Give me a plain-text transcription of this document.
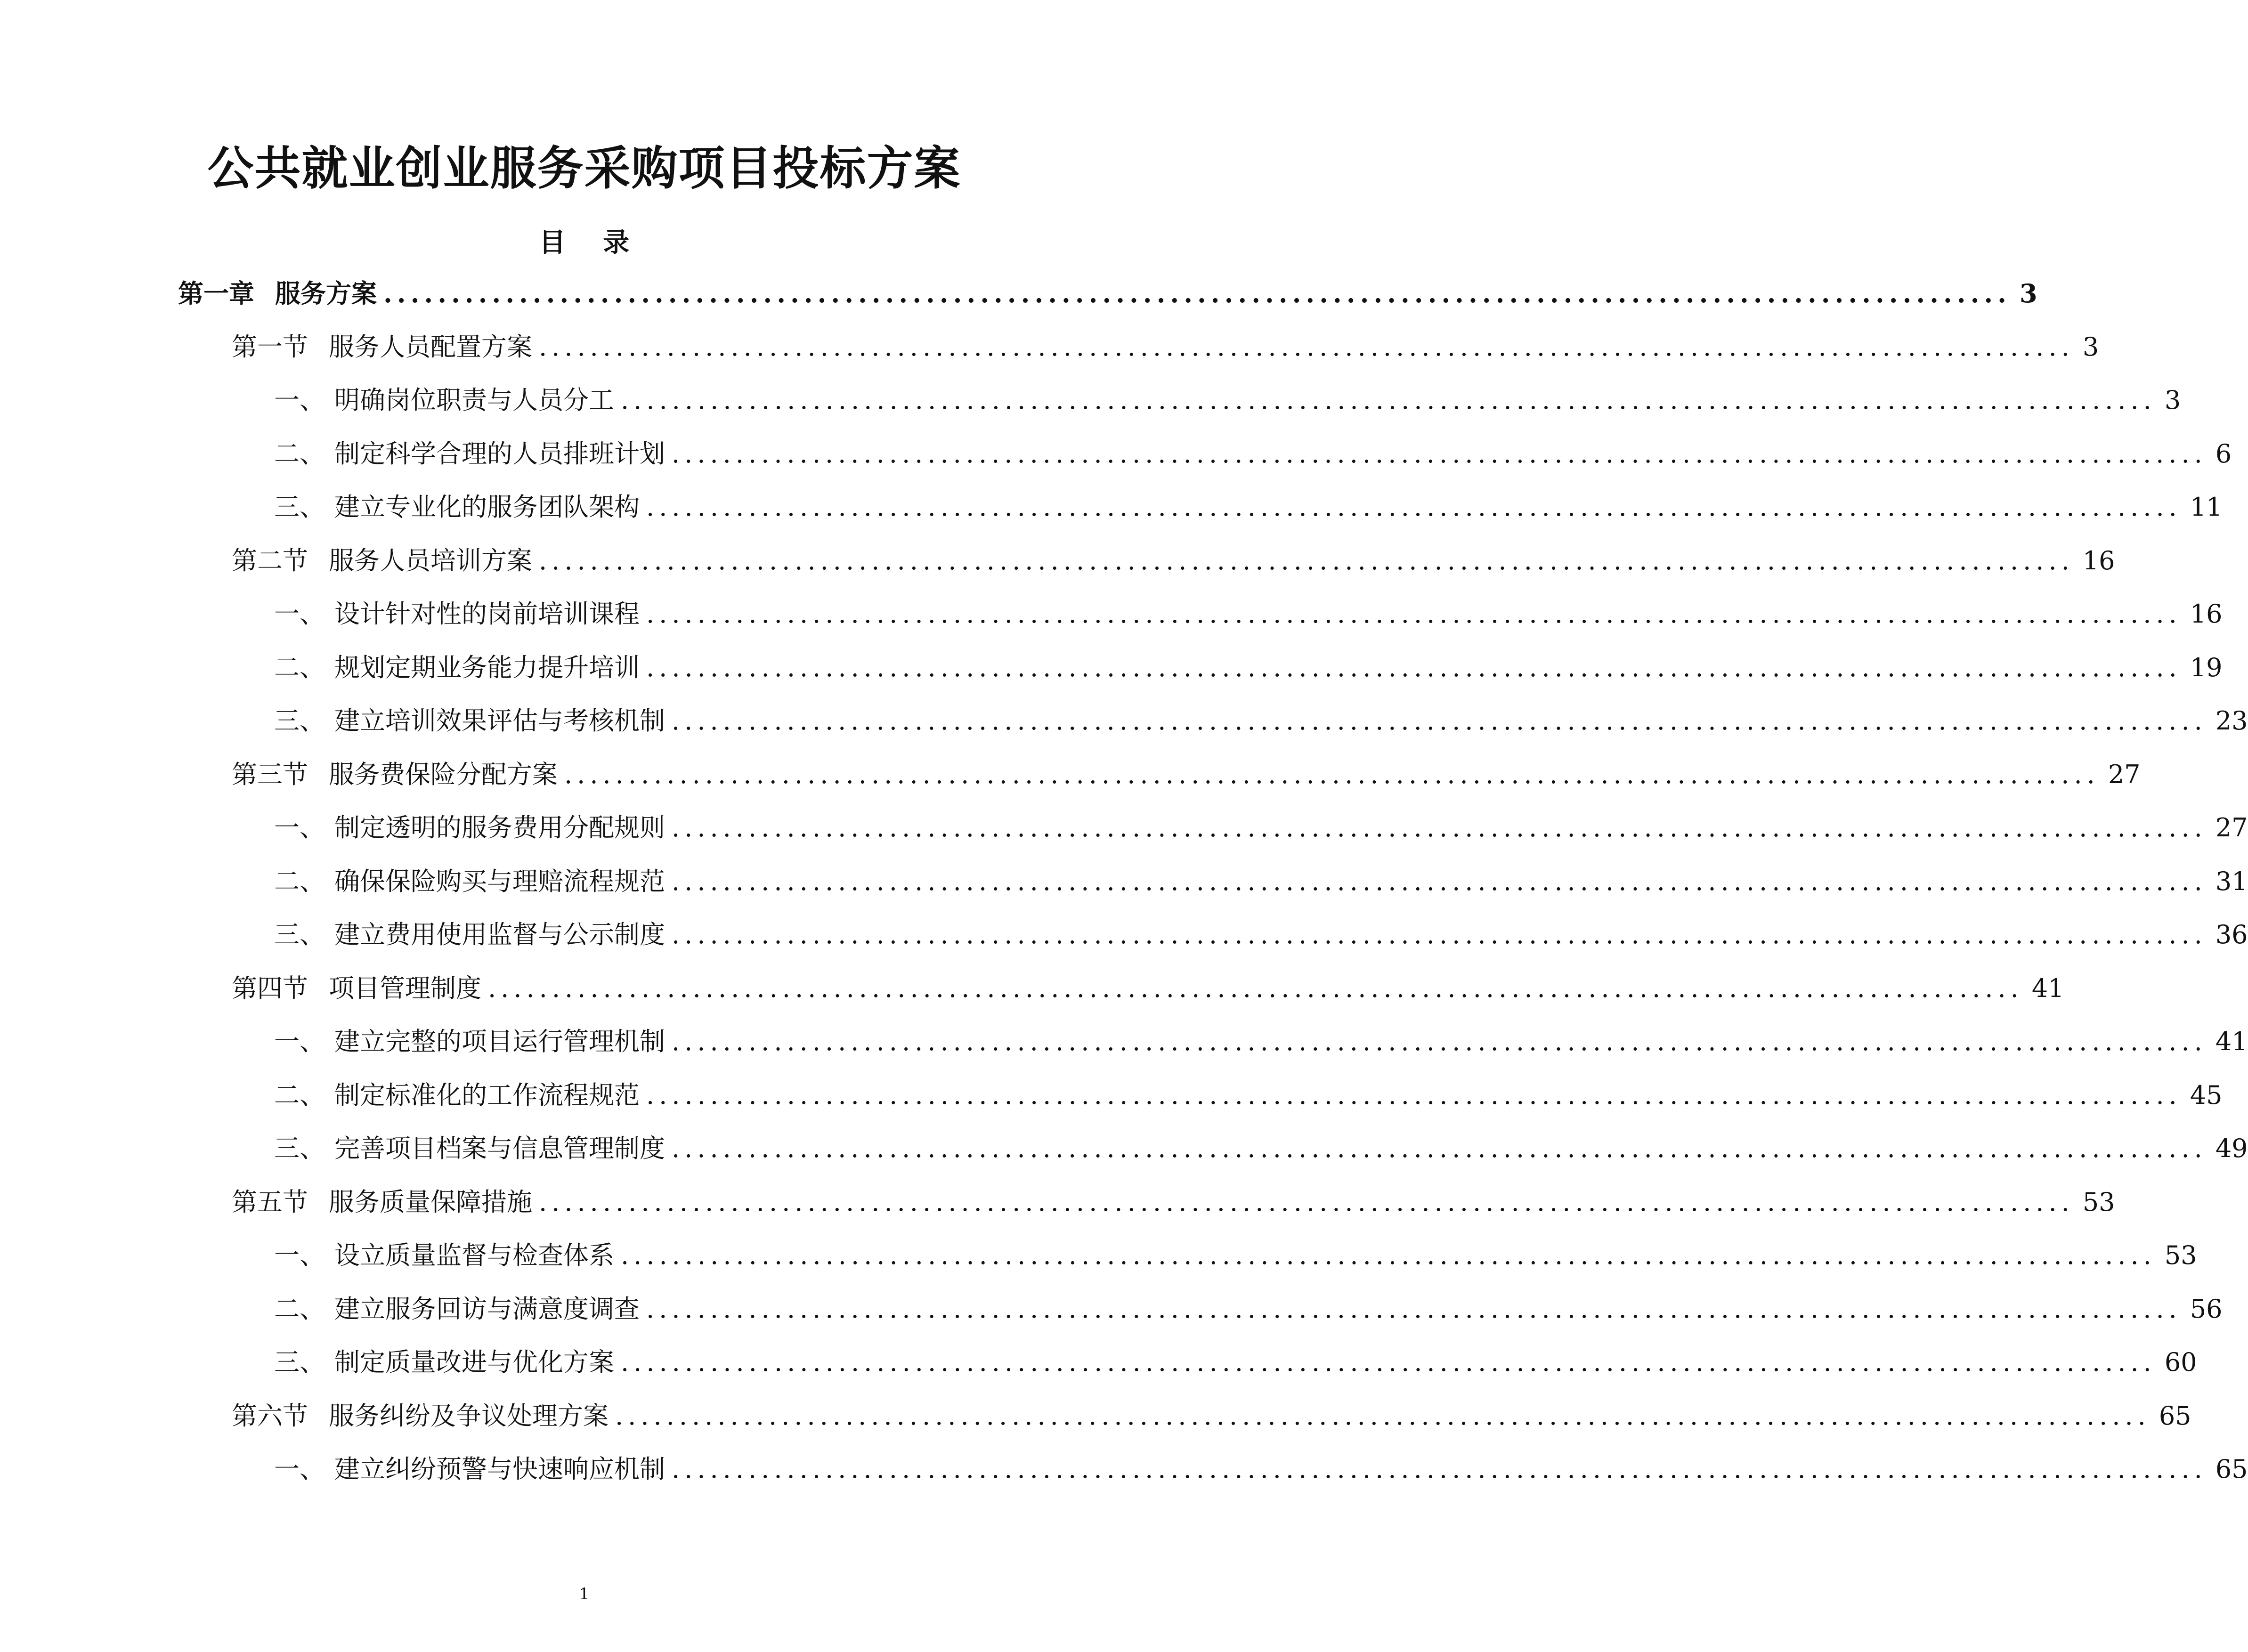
公共就业创业服务采购项目投标方案
目 录
第一章 服务方案 ........................................................................................................................ 3
第一节 服务人员配置方案 ........................................................................................................................ 3
一、 明确岗位职责与人员分工 ........................................................................................................................ 3
二、 制定科学合理的人员排班计划 ........................................................................................................................ 6
三、 建立专业化的服务团队架构 ........................................................................................................................ 11
第二节 服务人员培训方案 ........................................................................................................................ 16
一、 设计针对性的岗前培训课程 ........................................................................................................................ 16
二、 规划定期业务能力提升培训 ........................................................................................................................ 19
三、 建立培训效果评估与考核机制 ........................................................................................................................ 23
第三节 服务费保险分配方案 ........................................................................................................................ 27
一、 制定透明的服务费用分配规则 ........................................................................................................................ 27
二、 确保保险购买与理赔流程规范 ........................................................................................................................ 31
三、 建立费用使用监督与公示制度 ........................................................................................................................ 36
第四节 项目管理制度 ........................................................................................................................ 41
一、 建立完整的项目运行管理机制 ........................................................................................................................ 41
二、 制定标准化的工作流程规范 ........................................................................................................................ 45
三、 完善项目档案与信息管理制度 ........................................................................................................................ 49
第五节 服务质量保障措施 ........................................................................................................................ 53
一、 设立质量监督与检查体系 ........................................................................................................................ 53
二、 建立服务回访与满意度调查 ........................................................................................................................ 56
三、 制定质量改进与优化方案 ........................................................................................................................ 60
第六节 服务纠纷及争议处理方案 ........................................................................................................................ 65
一、 建立纠纷预警与快速响应机制 ........................................................................................................................ 65
1
